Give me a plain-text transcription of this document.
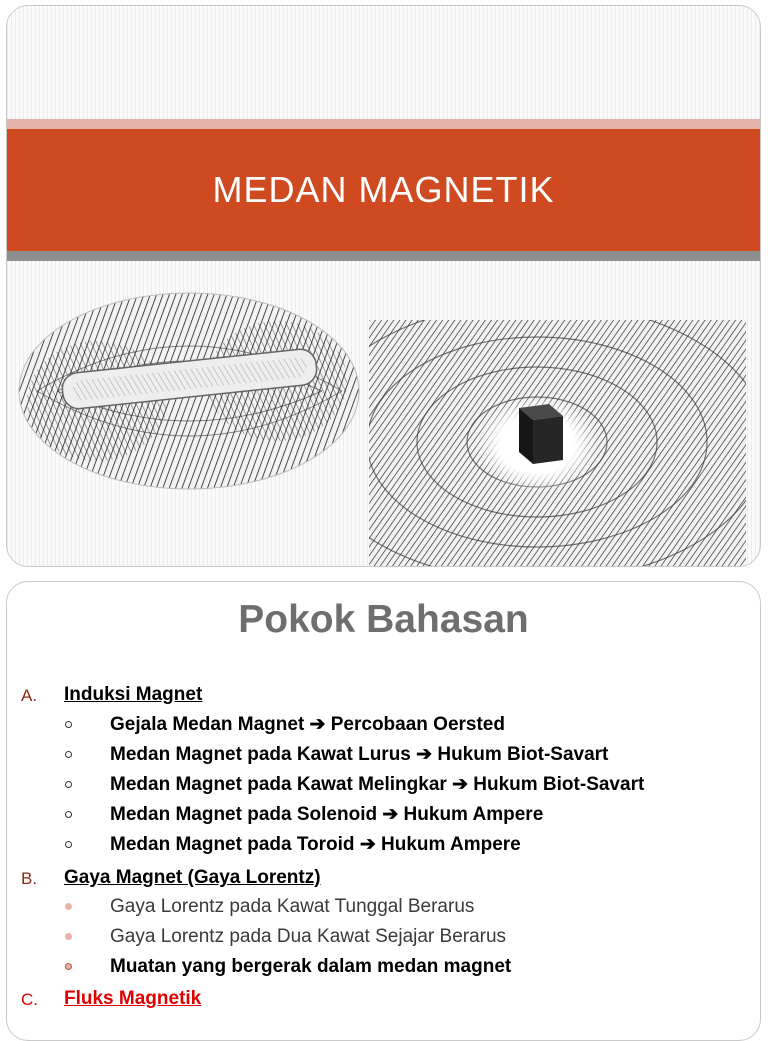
MEDAN MAGNETIK
Pokok Bahasan
A. Induksi Magnet
Gejala Medan Magnet ➔ Percobaan Oersted
Medan Magnet pada Kawat Lurus ➔ Hukum Biot-Savart
Medan Magnet pada Kawat Melingkar ➔ Hukum Biot-Savart
Medan Magnet pada Solenoid ➔ Hukum Ampere
Medan Magnet pada Toroid ➔ Hukum Ampere
B. Gaya Magnet (Gaya Lorentz)
Gaya Lorentz pada Kawat Tunggal Berarus
Gaya Lorentz pada Dua Kawat Sejajar Berarus
Muatan yang bergerak dalam medan magnet
C. Fluks Magnetik
